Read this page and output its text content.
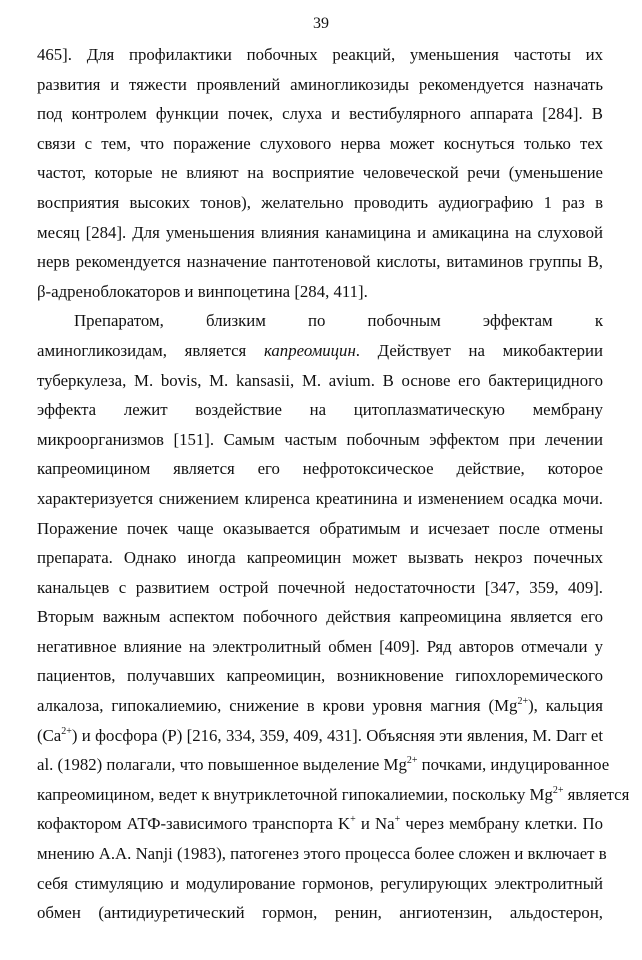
39
465]. Для профилактики побочных реакций, уменьшения частоты их
развития и тяжести проявлений аминогликозиды рекомендуется назначать
под контролем функции почек, слуха и вестибулярного аппарата [284]. В
связи с тем, что поражение слухового нерва может коснуться только тех
частот, которые не влияют на восприятие человеческой речи (уменьшение
восприятия высоких тонов), желательно проводить аудиографию 1 раз в
месяц [284]. Для уменьшения влияния канамицина и амикацина на слуховой
нерв рекомендуется назначение пантотеновой кислоты, витаминов группы В,
β-адреноблокаторов и винпоцетина [284, 411].
Препаратом, близким по побочным эффектам к
аминогликозидам, является капреомицин. Действует на микобактерии
туберкулеза, M. bovis, M. kansasii, M. avium. В основе его бактерицидного
эффекта лежит воздействие на цитоплазматическую мембрану
микроорганизмов [151]. Самым частым побочным эффектом при лечении
капреомицином является его нефротоксическое действие, которое
характеризуется снижением клиренса креатинина и изменением осадка мочи.
Поражение почек чаще оказывается обратимым и исчезает после отмены
препарата. Однако иногда капреомицин может вызвать некроз почечных
канальцев с развитием острой почечной недостаточности [347, 359, 409].
Вторым важным аспектом побочного действия капреомицина является его
негативное влияние на электролитный обмен [409]. Ряд авторов отмечали у
пациентов, получавших капреомицин, возникновение гипохлоремического
алкалоза, гипокалиемию, снижение в крови уровня магния $(Mg^{2+})$, кальция
$(Ca^{2+})$ и фосфора (P) [216, 334, 359, 409, 431]. Объясняя эти явления, M. Darr et
al. (1982) полагали, что повышенное выделение $Mg^{2+}$ почками, индуцированное
капреомицином, ведет к внутриклеточной гипокалиемии, поскольку $Mg^{2+}$ является
кофактором АТФ-зависимого транспорта K+ и Na+ через мембрану клетки. По
мнению A.A. Nanji (1983), патогенез этого процесса более сложен и включает в
себя стимуляцию и модулирование гормонов, регулирующих электролитный
обмен (антидиуретический гормон, ренин, ангиотензин, альдостерон,
